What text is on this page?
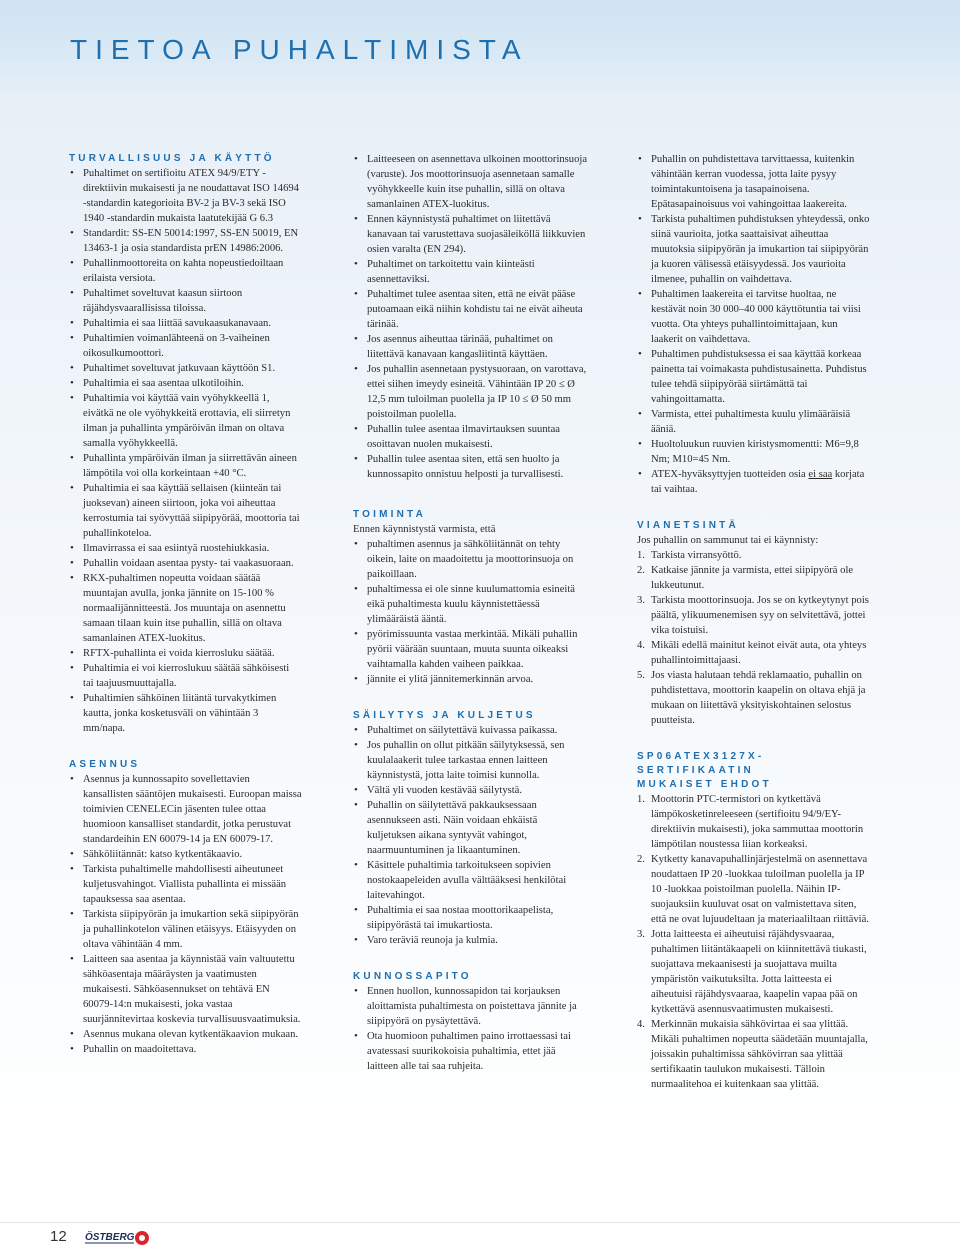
TIETOA PUHALTIMISTA
TURVALLISUUS JA KÄYTTÖ
• Puhaltimet on sertifioitu ATEX 94/9/ETY -direktiivin mukaisesti ja ne noudattavat ISO 14694 -standardin kategorioita BV-2 ja BV-3 sekä ISO 1940 -standardin mukaista laatutekijää G 6.3
• Standardit: SS-EN 50014:1997, SS-EN 50019, EN 13463-1 ja osia standardista prEN 14986:2006.
• Puhallinmoottoreita on kahta nopeustiedoiltaan erilaista versiota.
• Puhaltimet soveltuvat kaasun siirtoon räjähdysvaarallisissa tiloissa.
• Puhaltimia ei saa liittää savukaasukanavaan.
• Puhaltimien voimanlähteenä on 3-vaiheinen oikosulkumoottori.
• Puhaltimet soveltuvat jatkuvaan käyttöön S1.
• Puhaltimia ei saa asentaa ulkotiloihin.
• Puhaltimia voi käyttää vain vyöhykkeellä 1, eivätkä ne ole vyöhykkeitä erottavia, eli siirretyn ilman ja puhallinta ympäröivän ilman on oltava samalla vyöhykkeellä.
• Puhallinta ympäröivän ilman ja siirrettävän aineen lämpötila voi olla korkeintaan +40 °C.
• Puhaltimia ei saa käyttää sellaisen (kiinteän tai juoksevan) aineen siirtoon, joka voi aiheuttaa kerrostumia tai syövyttää siipipyörää, moottoria tai puhallinkoteloa.
• Ilmavirrassa ei saa esiintyä ruostehiukkasia.
• Puhallin voidaan asentaa pysty- tai vaakasuoraan.
• RKX-puhaltimen nopeutta voidaan säätää muuntajan avulla, jonka jännite on 15-100 % normaalijännitteestä. Jos muuntaja on asennettu samaan tilaan kuin itse puhallin, sillä on oltava samanlainen ATEX-luokitus.
• RFTX-puhallinta ei voida kierrosluku säätää.
• Puhaltimia ei voi kierroslukuu säätää sähköisesti tai taajuusmuuttajalla.
• Puhaltimien sähköinen liitäntä turvakytkimen kautta, jonka kosketusväli on vähintään 3 mm/napa.
ASENNUS
• Asennus ja kunnossapito sovellettavien kansallisten sääntöjen mukaisesti. Euroopan maissa toimivien CENELECin jäsenten tulee ottaa huomioon kansalliset standardit, jotka perustuvat standardeihin EN 60079-14 ja EN 60079-17.
• Sähköliitännät: katso kytkentäkaavio.
• Tarkista puhaltimelle mahdollisesti aiheutuneet kuljetusvahingot. Viallista puhallinta ei missään tapauksessa saa asentaa.
• Tarkista siipipyörän ja imukartion sekä siipipyörän ja puhallinkotelon välinen etäisyys. Etäisyyden on oltava vähintään 4 mm.
• Laitteen saa asentaa ja käynnistää vain valtuutettu sähköasentaja määräysten ja vaatimusten mukaisesti. Sähköasennukset on tehtävä EN 60079-14:n mukaisesti, joka vastaa suurjännitevirtaa koskevia turvallisuusvaatimuksia.
• Asennus mukana olevan kytkentäkaavion mukaan.
• Puhallin on maadoitettava.
• Laitteeseen on asennettava ulkoinen moottorinsuoja (varuste). Jos moottorinsuoja asennetaan samalle vyöhykkeelle kuin itse puhallin, sillä on oltava samanlainen ATEX-luokitus.
• Ennen käynnistystä puhaltimet on liitettävä kanavaan tai varustettava suojasäleiköllä liikkuvien osien varalta (EN 294).
• Puhaltimet on tarkoitettu vain kiinteästi asennettaviksi.
• Puhaltimet tulee asentaa siten, että ne eivät pääse putoamaan eikä niihin kohdistu tai ne eivät aiheuta tärinää.
• Jos asennus aiheuttaa tärinää, puhaltimet on liitettävä kanavaan kangasliitintä käyttäen.
• Jos puhallin asennetaan pystysuoraan, on varottava, ettei siihen imeydy esineitä. Vähintään IP 20 ≤ Ø 12,5 mm tuloilman puolella ja IP 10 ≤ Ø 50 mm poistoilman puolella.
• Puhallin tulee asentaa ilmavirtauksen suuntaa osoittavan nuolen mukaisesti.
• Puhallin tulee asentaa siten, että sen huolto ja kunnossapito onnistuu helposti ja turvallisesti.
TOIMINTA

Ennen käynnistystä varmista, että

• puhaltimen asennus ja sähköliitännät on tehty oikein, laite on maadoitettu ja moottorinsuoja on paikoillaan.
• puhaltimessa ei ole sinne kuulumattomia esineitä eikä puhaltimesta kuulu käynnistettäessä ylimääräistä ääntä.
• pyörimissuunta vastaa merkintää. Mikäli puhallin pyörii väärään suuntaan, muuta suunta oikeaksi vaihtamalla kahden vaiheen paikkaa.
• jännite ei ylitä jännitemerkinnän arvoa.
SÄILYTYS JA KULJETUS
• Puhaltimet on säilytettävä kuivassa paikassa.
• Jos puhallin on ollut pitkään säilytyksessä, sen kuulalaakerit tulee tarkastaa ennen laitteen käynnistystä, jotta laite toimisi kunnolla.
• Vältä yli vuoden kestävää säilytystä.
• Puhallin on säilytettävä pakkauksessaan asennukseen asti. Näin voidaan ehkäistä kuljetuksen aikana syntyvät vahingot, naarmuuntuminen ja likaantuminen.
• Käsittele puhaltimia tarkoitukseen sopivien nostokaapeleiden avulla välttääksesi henkilötai laitevahingot.
• Puhaltimia ei saa nostaa moottorikaapelista, siipipyörästä tai imukartiosta.
• Varo teräviä reunoja ja kulmia.
KUNNOSSAPITO
• Ennen huollon, kunnossapidon tai korjauksen aloittamista puhaltimesta on poistettava jännite ja siipipyörä on pysäytettävä.
• Ota huomioon puhaltimen paino irrottaessasi tai avatessasi suurikokoisia puhaltimia, ettet jää laitteen alle tai saa ruhjeita.
• Puhallin on puhdistettava tarvittaessa, kuitenkin vähintään kerran vuodessa, jotta laite pysyy toimintakuntoisena ja tasapainoisena. Epätasapainoisuus voi vahingoittaa laakereita.
• Tarkista puhaltimen puhdistuksen yhteydessä, onko siinä vaurioita, jotka saattaisivat aiheuttaa muutoksia siipipyörän ja imukartion tai siipipyörän ja kuoren välisessä etäisyydessä. Jos vaurioita ilmenee, puhallin on vaihdettava.
• Puhaltimen laakereita ei tarvitse huoltaa, ne kestävät noin 30 000–40 000 käyttötuntia tai viisi vuotta. Ota yhteys puhallintoimittajaan, kun laakerit on vaihdettava.
• Puhaltimen puhdistuksessa ei saa käyttää korkeaa painetta tai voimakasta puhdistusainetta. Puhdistus tulee tehdä siipipyörää siirtämättä tai vahingoittamatta.
• Varmista, ettei puhaltimesta kuulu ylimääräisiä ääniä.
• Huoltoluukun ruuvien kiristysmomentti: M6=9,8 Nm; M10=45 Nm.
• ATEX-hyväksyttyjen tuotteiden osia ei saa korjata tai vaihtaa.
VIANETSINTÄ

Jos puhallin on sammunut tai ei käynnisty:

1. Tarkista virransyöttö.
2. Katkaise jännite ja varmista, ettei siipipyörä ole lukkeutunut.
3. Tarkista moottorinsuoja. Jos se on kytkeytynyt pois päältä, ylikuumenemisen syy on selvitettävä, jottei vika toistuisi.
4. Mikäli edellä mainitut keinot eivät auta, ota yhteys puhallintoimittajaasi.
5. Jos viasta halutaan tehdä reklamaatio, puhallin on puhdistettava, moottorin kaapelin on oltava ehjä ja mukaan on liitettävä yksityiskohtainen selostus puutteista.
SP06ATEX3127X-SERTIFIKAATIN
MUKAISET EHDOT
1. Moottorin PTC-termistori on kytkettävä lämpökosketinreleeseen (sertifioitu 94/9/EY-direktiivin mukaisesti), joka sammuttaa moottorin lämpötilan noustessa liian korkeaksi.
2. Kytketty kanavapuhallinjärjestelmä on asennettava noudattaen IP 20 -luokkaa tuloilman puolella ja IP 10 -luokkaa poistoilman puolella. Näihin IP-suojauksiin kuuluvat osat on valmistettava siten, että ne ovat lujuudeltaan ja materiaaliltaan riittäviä.
3. Jotta laitteesta ei aiheutuisi räjähdysvaaraa, puhaltimen liitäntäkaapeli on kiinnitettävä tiukasti, suojattava mekaanisesti ja suojattava muilta ympäristön vaikutuksilta. Jotta laitteesta ei aiheutuisi räjähdysvaaraa, kaapelin vapaa pää on kytkettävä asennusvaatimusten mukaisesti.
4. Merkinnän mukaisia sähkövirtaa ei saa ylittää. Mikäli puhaltimen nopeutta säädetään muuntajalla, joissakin puhaltimissa sähkövirran saa ylittää sertifikaatin taulukon mukaisesti. Tälloin nurmaalitehoa ei kuitenkaan saa ylittää.
12 ÖSTBERG
